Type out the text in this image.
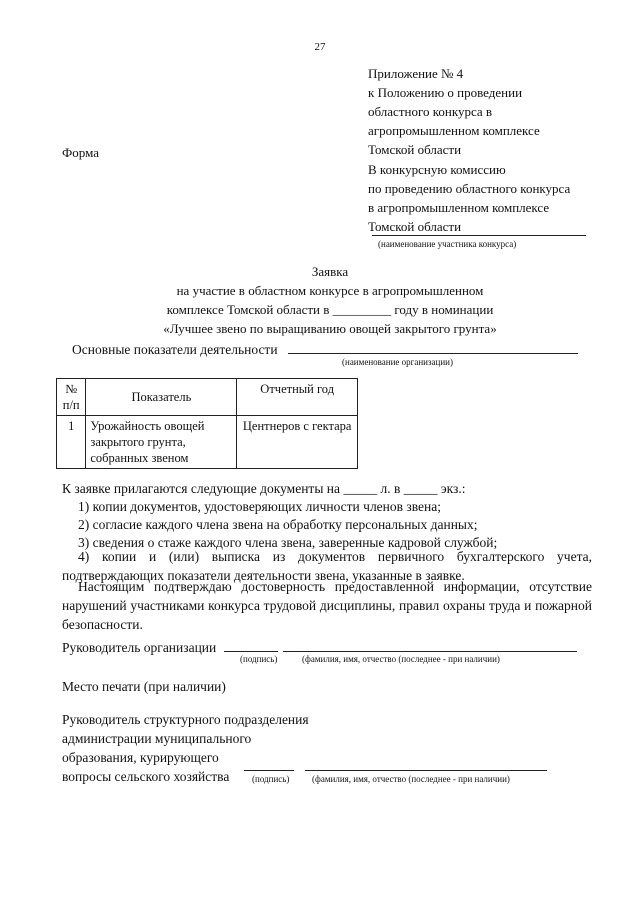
27
Приложение № 4
к Положению о проведении
областного конкурса в
агропромышленном комплексе
Томской области
Форма
В конкурсную комиссию
по проведению областного конкурса
в агропромышленном комплексе
Томской области
(наименование участника конкурса)
Заявка
на участие в областном конкурсе в агропромышленном
комплексе Томской области в _________ году в номинации
«Лучшее звено по выращиванию овощей закрытого грунта»
Основные показатели деятельности
(наименование организации)
№ п/п	Показатель	Отчетный год
1	Урожайность овощей закрытого грунта, собранных звеном	Центнеров с гектара
К заявке прилагаются следующие документы на _____ л. в _____ экз.:
1) копии документов, удостоверяющих личности членов звена;
2) согласие каждого члена звена на обработку персональных данных;
3) сведения о стаже каждого члена звена, заверенные кадровой службой;
4) копии и (или) выписка из документов первичного бухгалтерского учета, подтверждающих показатели деятельности звена, указанные в заявке.
Настоящим подтверждаю достоверность предоставленной информации, отсутствие нарушений участниками конкурса трудовой дисциплины, правил охраны труда и пожарной безопасности.
Руководитель организации
(подпись)	(фамилия, имя, отчество (последнее - при наличии)
Место печати (при наличии)
Руководитель структурного подразделения
администрации муниципального
образования, курирующего
вопросы сельского хозяйства	(подпись)	(фамилия, имя, отчество (последнее - при наличии)
